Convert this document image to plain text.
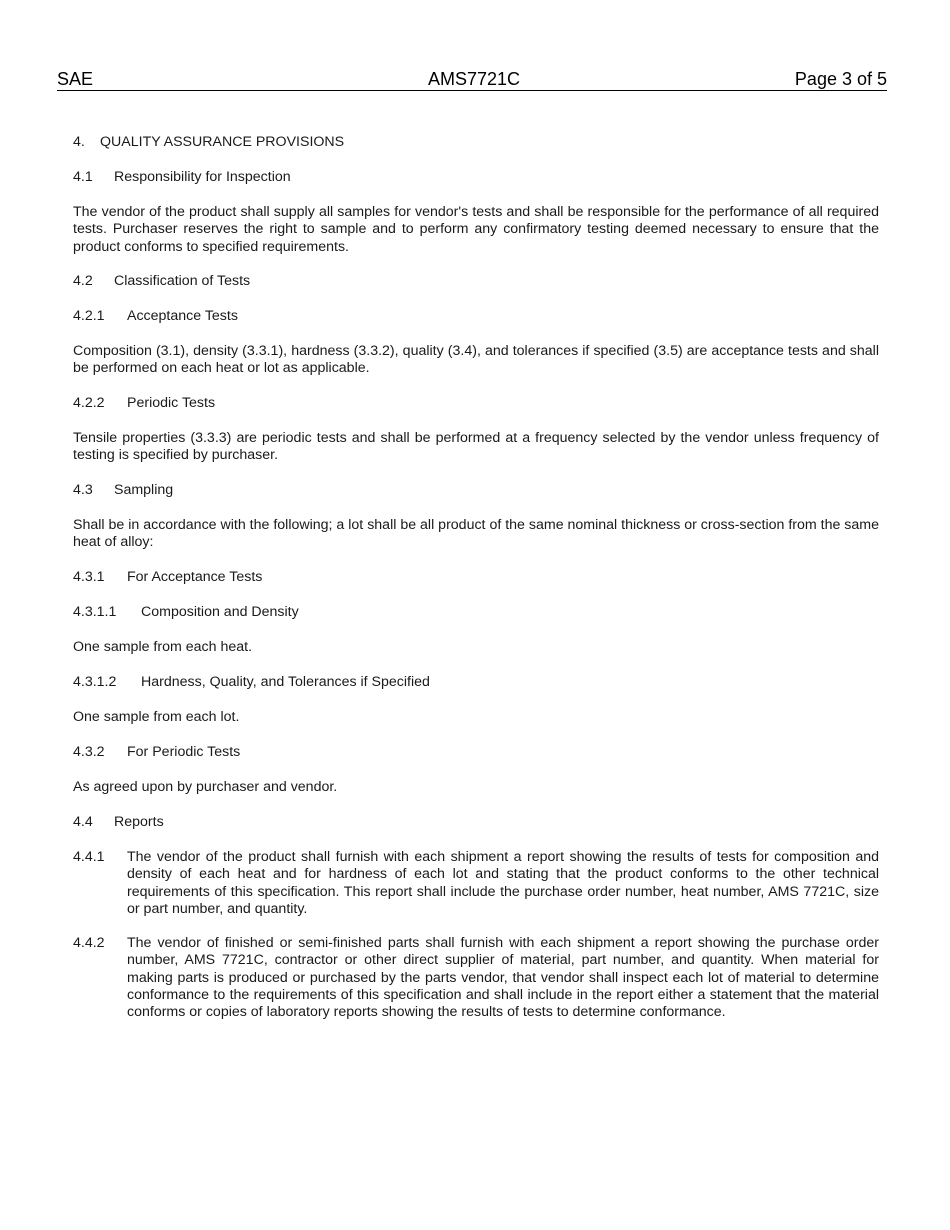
SAE	AMS7721C	Page 3 of 5
4. QUALITY ASSURANCE PROVISIONS
4.1 Responsibility for Inspection
The vendor of the product shall supply all samples for vendor's tests and shall be responsible for the performance of all required tests. Purchaser reserves the right to sample and to perform any confirmatory testing deemed necessary to ensure that the product conforms to specified requirements.
4.2 Classification of Tests
4.2.1 Acceptance Tests
Composition (3.1), density (3.3.1), hardness (3.3.2), quality (3.4), and tolerances if specified (3.5) are acceptance tests and shall be performed on each heat or lot as applicable.
4.2.2 Periodic Tests
Tensile properties (3.3.3) are periodic tests and shall be performed at a frequency selected by the vendor unless frequency of testing is specified by purchaser.
4.3 Sampling
Shall be in accordance with the following; a lot shall be all product of the same nominal thickness or cross-section from the same heat of alloy:
4.3.1 For Acceptance Tests
4.3.1.1 Composition and Density
One sample from each heat.
4.3.1.2 Hardness, Quality, and Tolerances if Specified
One sample from each lot.
4.3.2 For Periodic Tests
As agreed upon by purchaser and vendor.
4.4 Reports
4.4.1 The vendor of the product shall furnish with each shipment a report showing the results of tests for composition and density of each heat and for hardness of each lot and stating that the product conforms to the other technical requirements of this specification. This report shall include the purchase order number, heat number, AMS 7721C, size or part number, and quantity.
4.4.2 The vendor of finished or semi-finished parts shall furnish with each shipment a report showing the purchase order number, AMS 7721C, contractor or other direct supplier of material, part number, and quantity. When material for making parts is produced or purchased by the parts vendor, that vendor shall inspect each lot of material to determine conformance to the requirements of this specification and shall include in the report either a statement that the material conforms or copies of laboratory reports showing the results of tests to determine conformance.
